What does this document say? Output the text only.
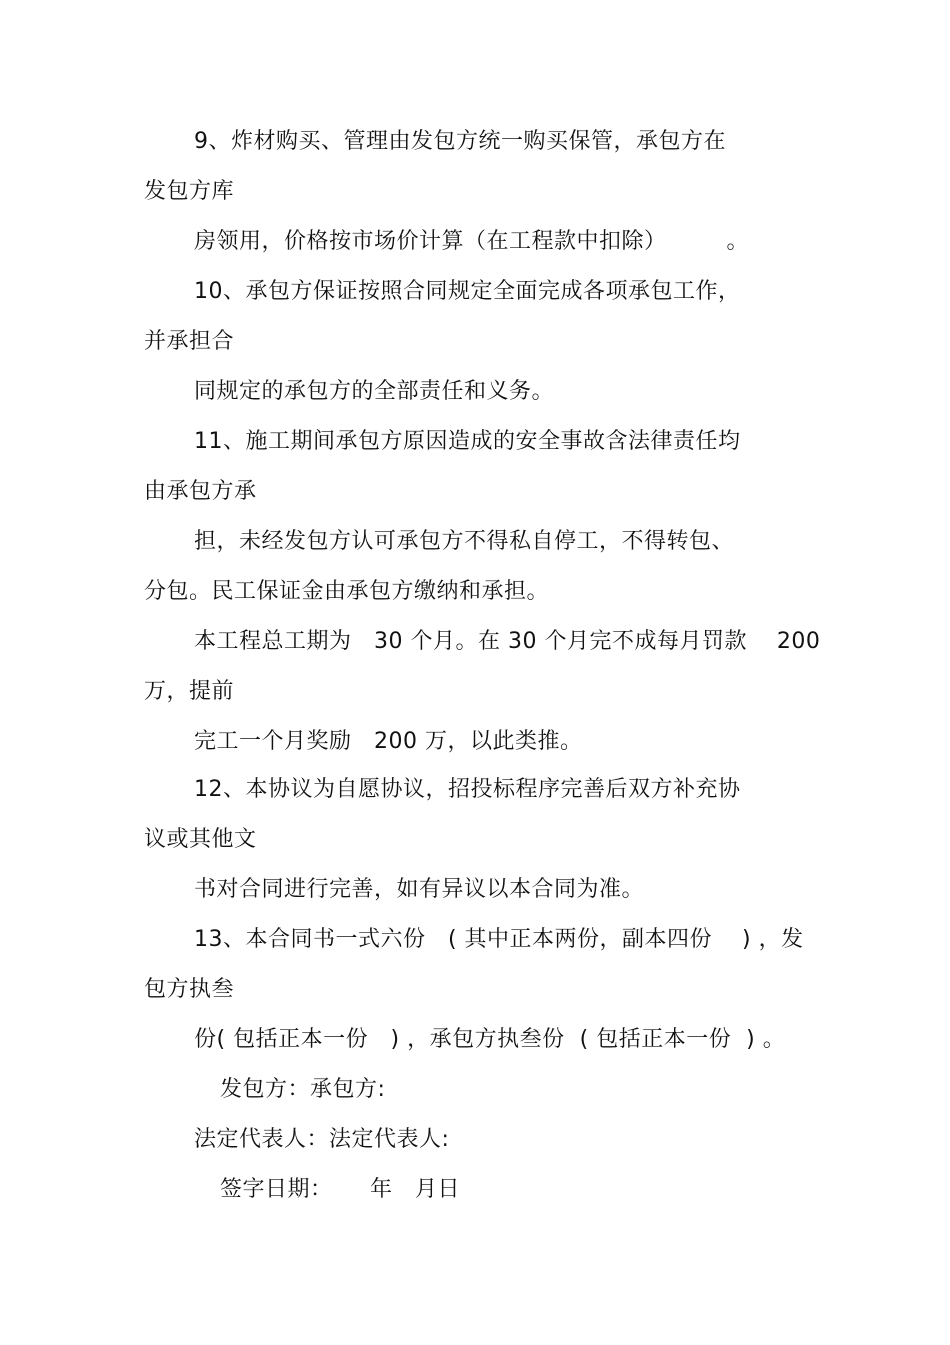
9、炸材购买、管理由发包方统一购买保管，承包方在
发包方库
房领用，价格按市场价计算（在工程款中扣除）        。
10、承包方保证按照合同规定全面完成各项承包工作，
并承担合
同规定的承包方的全部责任和义务。
11、施工期间承包方原因造成的安全事故含法律责任均
由承包方承
担，未经发包方认可承包方不得私自停工，不得转包、
分包。民工保证金由承包方缴纳和承担。
本工程总工期为   30 个月。在 30 个月完不成每月罚款    200
万，提前
完工一个月奖励   200 万，以此类推。
12、本协议为自愿协议，招投标程序完善后双方补充协
议或其他文
书对合同进行完善，如有异议以本合同为准。
13、本合同书一式六份   ( 其中正本两份，副本四份    ) ，发
包方执叁
份( 包括正本一份   ) ，承包方执叁份  ( 包括正本一份  ) 。
发包方：承包方:
法定代表人：法定代表人:
签字日期：     年   月日
